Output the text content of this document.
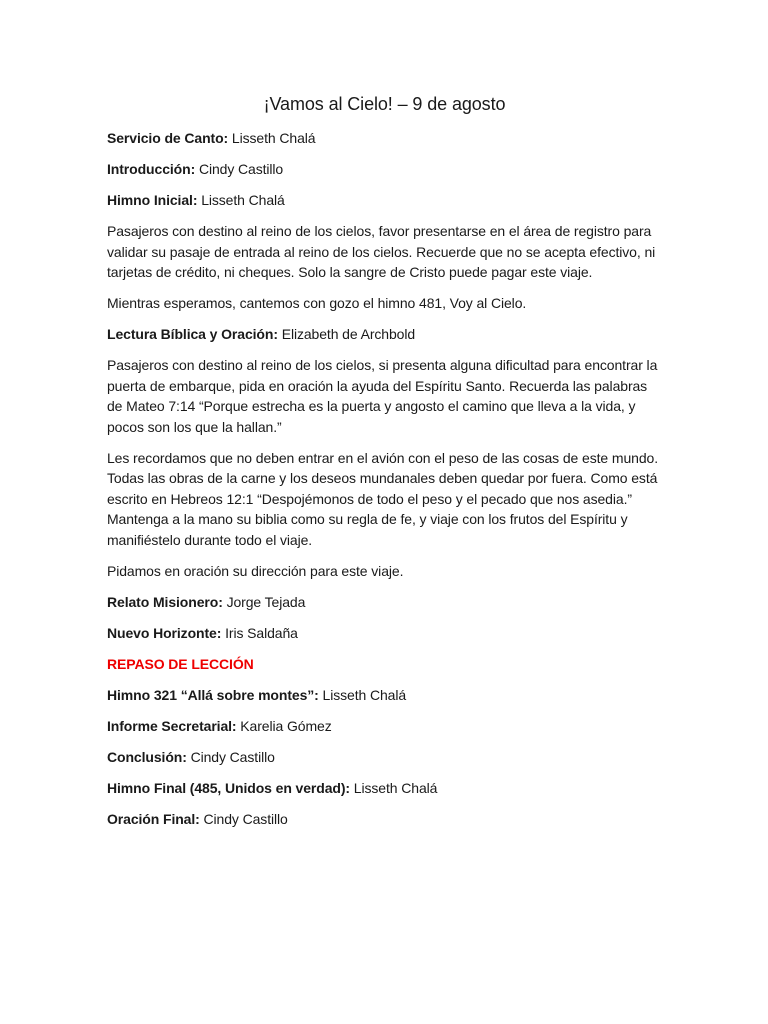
¡Vamos al Cielo! – 9 de agosto

Servicio de Canto: Lisseth Chalá

Introducción: Cindy Castillo

Himno Inicial: Lisseth Chalá

Pasajeros con destino al reino de los cielos, favor presentarse en el área de registro para validar su pasaje de entrada al reino de los cielos. Recuerde que no se acepta efectivo, ni tarjetas de crédito, ni cheques. Solo la sangre de Cristo puede pagar este viaje.

Mientras esperamos, cantemos con gozo el himno 481, Voy al Cielo.

Lectura Bíblica y Oración: Elizabeth de Archbold

Pasajeros con destino al reino de los cielos, si presenta alguna dificultad para encontrar la puerta de embarque, pida en oración la ayuda del Espíritu Santo. Recuerda las palabras de Mateo 7:14 “Porque estrecha es la puerta y angosto el camino que lleva a la vida, y pocos son los que la hallan.”

Les recordamos que no deben entrar en el avión con el peso de las cosas de este mundo. Todas las obras de la carne y los deseos mundanales deben quedar por fuera. Como está escrito en Hebreos 12:1 “Despojémonos de todo el peso y el pecado que nos asedia.” Mantenga a la mano su biblia como su regla de fe, y viaje con los frutos del Espíritu y manifiéstelo durante todo el viaje.

Pidamos en oración su dirección para este viaje.

Relato Misionero: Jorge Tejada

Nuevo Horizonte: Iris Saldaña

REPASO DE LECCIÓN

Himno 321 “Allá sobre montes”: Lisseth Chalá

Informe Secretarial: Karelia Gómez

Conclusión: Cindy Castillo

Himno Final (485, Unidos en verdad): Lisseth Chalá

Oración Final: Cindy Castillo
